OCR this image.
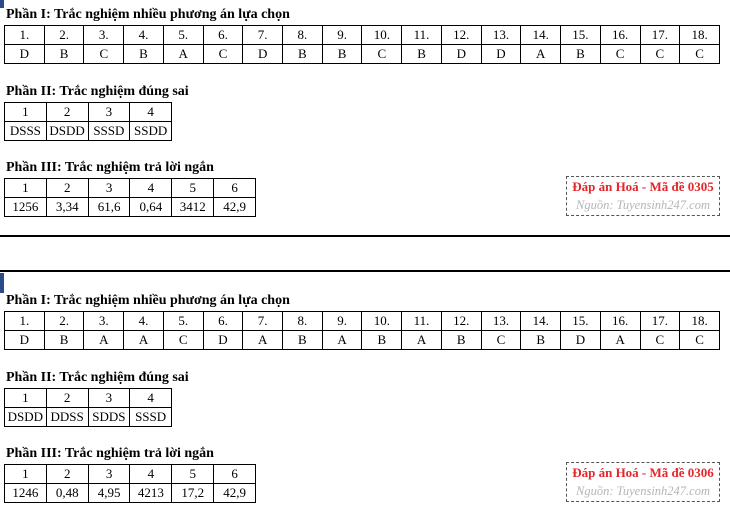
Phần I: Trắc nghiệm nhiều phương án lựa chọn
1.	2.	3.	4.	5.	6.	7.	8.	9.	10.	11.	12.	13.	14.	15.	16.	17.	18.
D	B	C	B	A	C	D	B	B	C	B	D	D	A	B	C	C	C
Phần II: Trắc nghiệm đúng sai
1	2	3	4
DSSS	DSDD	SSSD	SSDD
Phần III: Trắc nghiệm trả lời ngắn
1	2	3	4	5	6
1256	3,34	61,6	0,64	3412	42,9
Đáp án Hoá - Mã đề 0305
Nguồn: Tuyensinh247.com
Phần I: Trắc nghiệm nhiều phương án lựa chọn
1.	2.	3.	4.	5.	6.	7.	8.	9.	10.	11.	12.	13.	14.	15.	16.	17.	18.
D	B	A	A	C	D	A	B	A	B	A	B	C	B	D	A	C	C
Phần II: Trắc nghiệm đúng sai
1	2	3	4
DSDD	DDSS	SDDS	SSSD
Phần III: Trắc nghiệm trả lời ngắn
1	2	3	4	5	6
1246	0,48	4,95	4213	17,2	42,9
Đáp án Hoá - Mã đề 0306
Nguồn: Tuyensinh247.com
